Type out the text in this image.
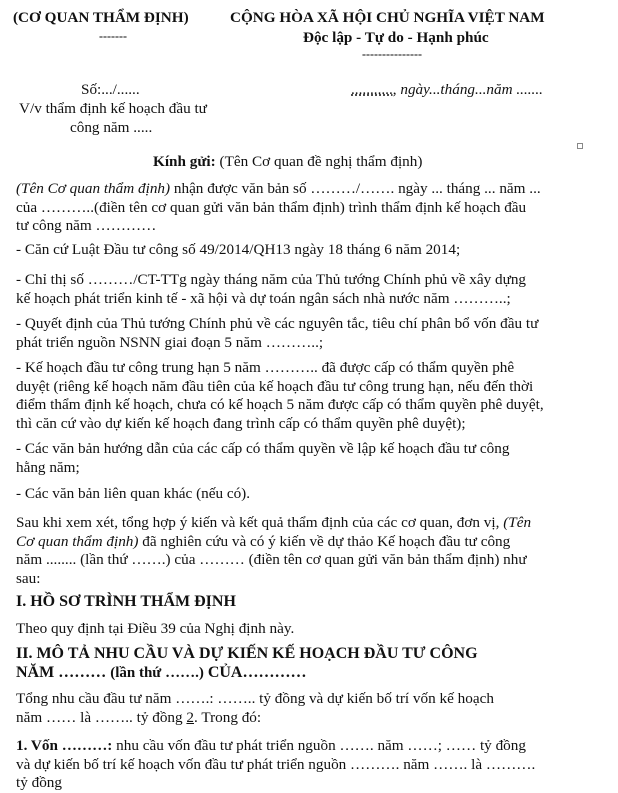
(CƠ QUAN THẨM ĐỊNH)
-------
CỘNG HÒA XÃ HỘI CHỦ NGHĨA VIỆT NAM
Độc lập - Tự do - Hạnh phúc
---------------
Số:.../......	..........., ngày...tháng...năm .......
V/v thẩm định kế hoạch đầu tư
công năm .....
Kính gửi: (Tên Cơ quan đề nghị thẩm định)
(Tên Cơ quan thẩm định) nhận được văn bản số ………/……. ngày ... tháng ... năm ...
của ………..(điền tên cơ quan gửi văn bản thẩm định) trình thẩm định kế hoạch đầu
tư công năm …………
- Căn cứ Luật Đầu tư công số 49/2014/QH13 ngày 18 tháng 6 năm 2014;
- Chỉ thị số ………/CT-TTg ngày tháng năm của Thủ tướng Chính phủ về xây dựng
kế hoạch phát triển kinh tế - xã hội và dự toán ngân sách nhà nước năm ………..;
- Quyết định của Thủ tướng Chính phủ về các nguyên tắc, tiêu chí phân bổ vốn đầu tư
phát triển nguồn NSNN giai đoạn 5 năm ………..;
- Kế hoạch đầu tư công trung hạn 5 năm ……….. đã được cấp có thẩm quyền phê
duyệt (riêng kế hoạch năm đầu tiên của kế hoạch đầu tư công trung hạn, nếu đến thời
điểm thẩm định kế hoạch, chưa có kế hoạch 5 năm được cấp có thẩm quyền phê duyệt,
thì căn cứ vào dự kiến kế hoạch đang trình cấp có thẩm quyền phê duyệt);
- Các văn bản hướng dẫn của các cấp có thẩm quyền về lập kế hoạch đầu tư công
hằng năm;
- Các văn bản liên quan khác (nếu có).
Sau khi xem xét, tổng hợp ý kiến và kết quả thẩm định của các cơ quan, đơn vị, (Tên
Cơ quan thẩm định) đã nghiên cứu và có ý kiến về dự thảo Kế hoạch đầu tư công
năm ........ (lần thứ …….) của ……… (điền tên cơ quan gửi văn bản thẩm định) như
sau:
I. HỒ SƠ TRÌNH THẨM ĐỊNH
Theo quy định tại Điều 39 của Nghị định này.
II. MÔ TẢ NHU CẦU VÀ DỰ KIẾN KẾ HOẠCH ĐẦU TƯ CÔNG
NĂM ……… (lần thứ …….) CỦA…………
Tổng nhu cầu đầu tư năm …….: …….. tỷ đồng và dự kiến bố trí vốn kế hoạch
năm …… là …….. tỷ đồng 2. Trong đó:
1. Vốn ………: nhu cầu vốn đầu tư phát triển nguồn ……. năm ……; …… tỷ đồng
và dự kiến bố trí kế hoạch vốn đầu tư phát triển nguồn ………. năm ……. là ……….
tỷ đồng
